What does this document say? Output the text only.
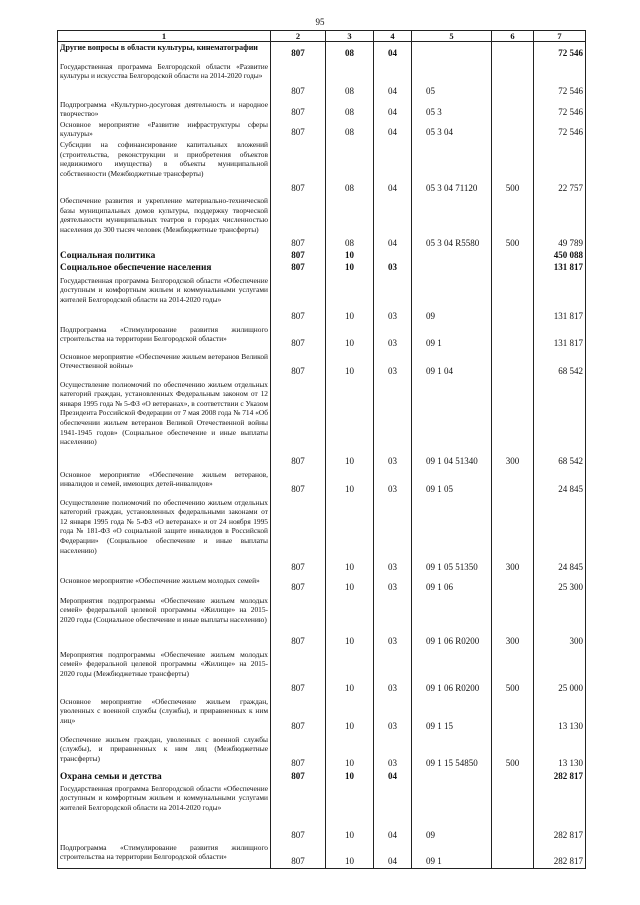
95
1	2	3	4	5	6	7
Другие вопросы в области культуры, кинематографии	807	08	04			72 546
Государственная программа Белгородской области «Развитие культуры и искусства Белгородской области на 2014-2020 годы»	807	08	04	05		72 546
Подпрограмма «Культурно-досуговая деятельность и народное творчество»	807	08	04	05 3		72 546
Основное мероприятие «Развитие инфраструктуры сферы культуры»	807	08	04	05 3 04		72 546
Субсидии на софинансирование капитальных вложений (строительства, реконструкции и приобретения объектов недвижимого имущества) в объекты муниципальной собственности (Межбюджетные трансферты)	807	08	04	05 3 04 71120	500	22 757
Обеспечение развития и укрепление материально-технической базы муниципальных домов культуры, поддержку творческой деятельности муниципальных театров в городах численностью населения до 300 тысяч человек (Межбюджетные трансферты)	807	08	04	05 3 04 R5580	500	49 789
Социальная политика	807	10				450 088
Социальное обеспечение населения	807	10	03			131 817
Государственная программа Белгородской области «Обеспечение доступным и комфортным жильем и коммунальными услугами жителей Белгородской области на 2014-2020 годы»	807	10	03	09		131 817
Подпрограмма «Стимулирование развития жилищного строительства на территории Белгородской области»	807	10	03	09 1		131 817
Основное мероприятие «Обеспечение жильем ветеранов Великой Отечественной войны»	807	10	03	09 1 04		68 542
Осуществление полномочий по обеспечению жильем отдельных категорий граждан, установленных Федеральным законом от 12 января 1995 года № 5-ФЗ «О ветеранах», в соответствии с Указом Президента Российской Федерации от 7 мая 2008 года № 714 «Об обеспечении жильем ветеранов Великой Отечественной войны 1941-1945 годов» (Социальное обеспечение и иные выплаты населению)	807	10	03	09 1 04 51340	300	68 542
Основное мероприятие «Обеспечение жильем ветеранов, инвалидов и семей, имеющих детей-инвалидов»	807	10	03	09 1 05		24 845
Осуществление полномочий по обеспечению жильем отдельных категорий граждан, установленных федеральными законами от 12 января 1995 года № 5-ФЗ «О ветеранах» и от 24 ноября 1995 года № 181-ФЗ «О социальной защите инвалидов в Российской Федерации» (Социальное обеспечение и иные выплаты населению)	807	10	03	09 1 05 51350	300	24 845
Основное мероприятие «Обеспечение жильем молодых семей»	807	10	03	09 1 06		25 300
Мероприятия подпрограммы «Обеспечение жильем молодых семей» федеральной целевой программы «Жилище» на 2015-2020 годы (Социальное обеспечение и иные выплаты населению)	807	10	03	09 1 06 R0200	300	300
Мероприятия подпрограммы «Обеспечение жильем молодых семей» федеральной целевой программы «Жилище» на 2015-2020 годы (Межбюджетные трансферты)	807	10	03	09 1 06 R0200	500	25 000
Основное мероприятие «Обеспечение жильем граждан, уволенных с военной службы (службы), и приравненных к ним лиц»	807	10	03	09 1 15		13 130
Обеспечение жильем граждан, уволенных с военной службы (службы), и приравненных к ним лиц (Межбюджетные трансферты)	807	10	03	09 1 15 54850	500	13 130
Охрана семьи и детства	807	10	04			282 817
Государственная программа Белгородской области «Обеспечение доступным и комфортным жильем и коммунальными услугами жителей Белгородской области на 2014-2020 годы»	807	10	04	09		282 817
Подпрограмма «Стимулирование развития жилищного строительства на территории Белгородской области»	807	10	04	09 1		282 817
